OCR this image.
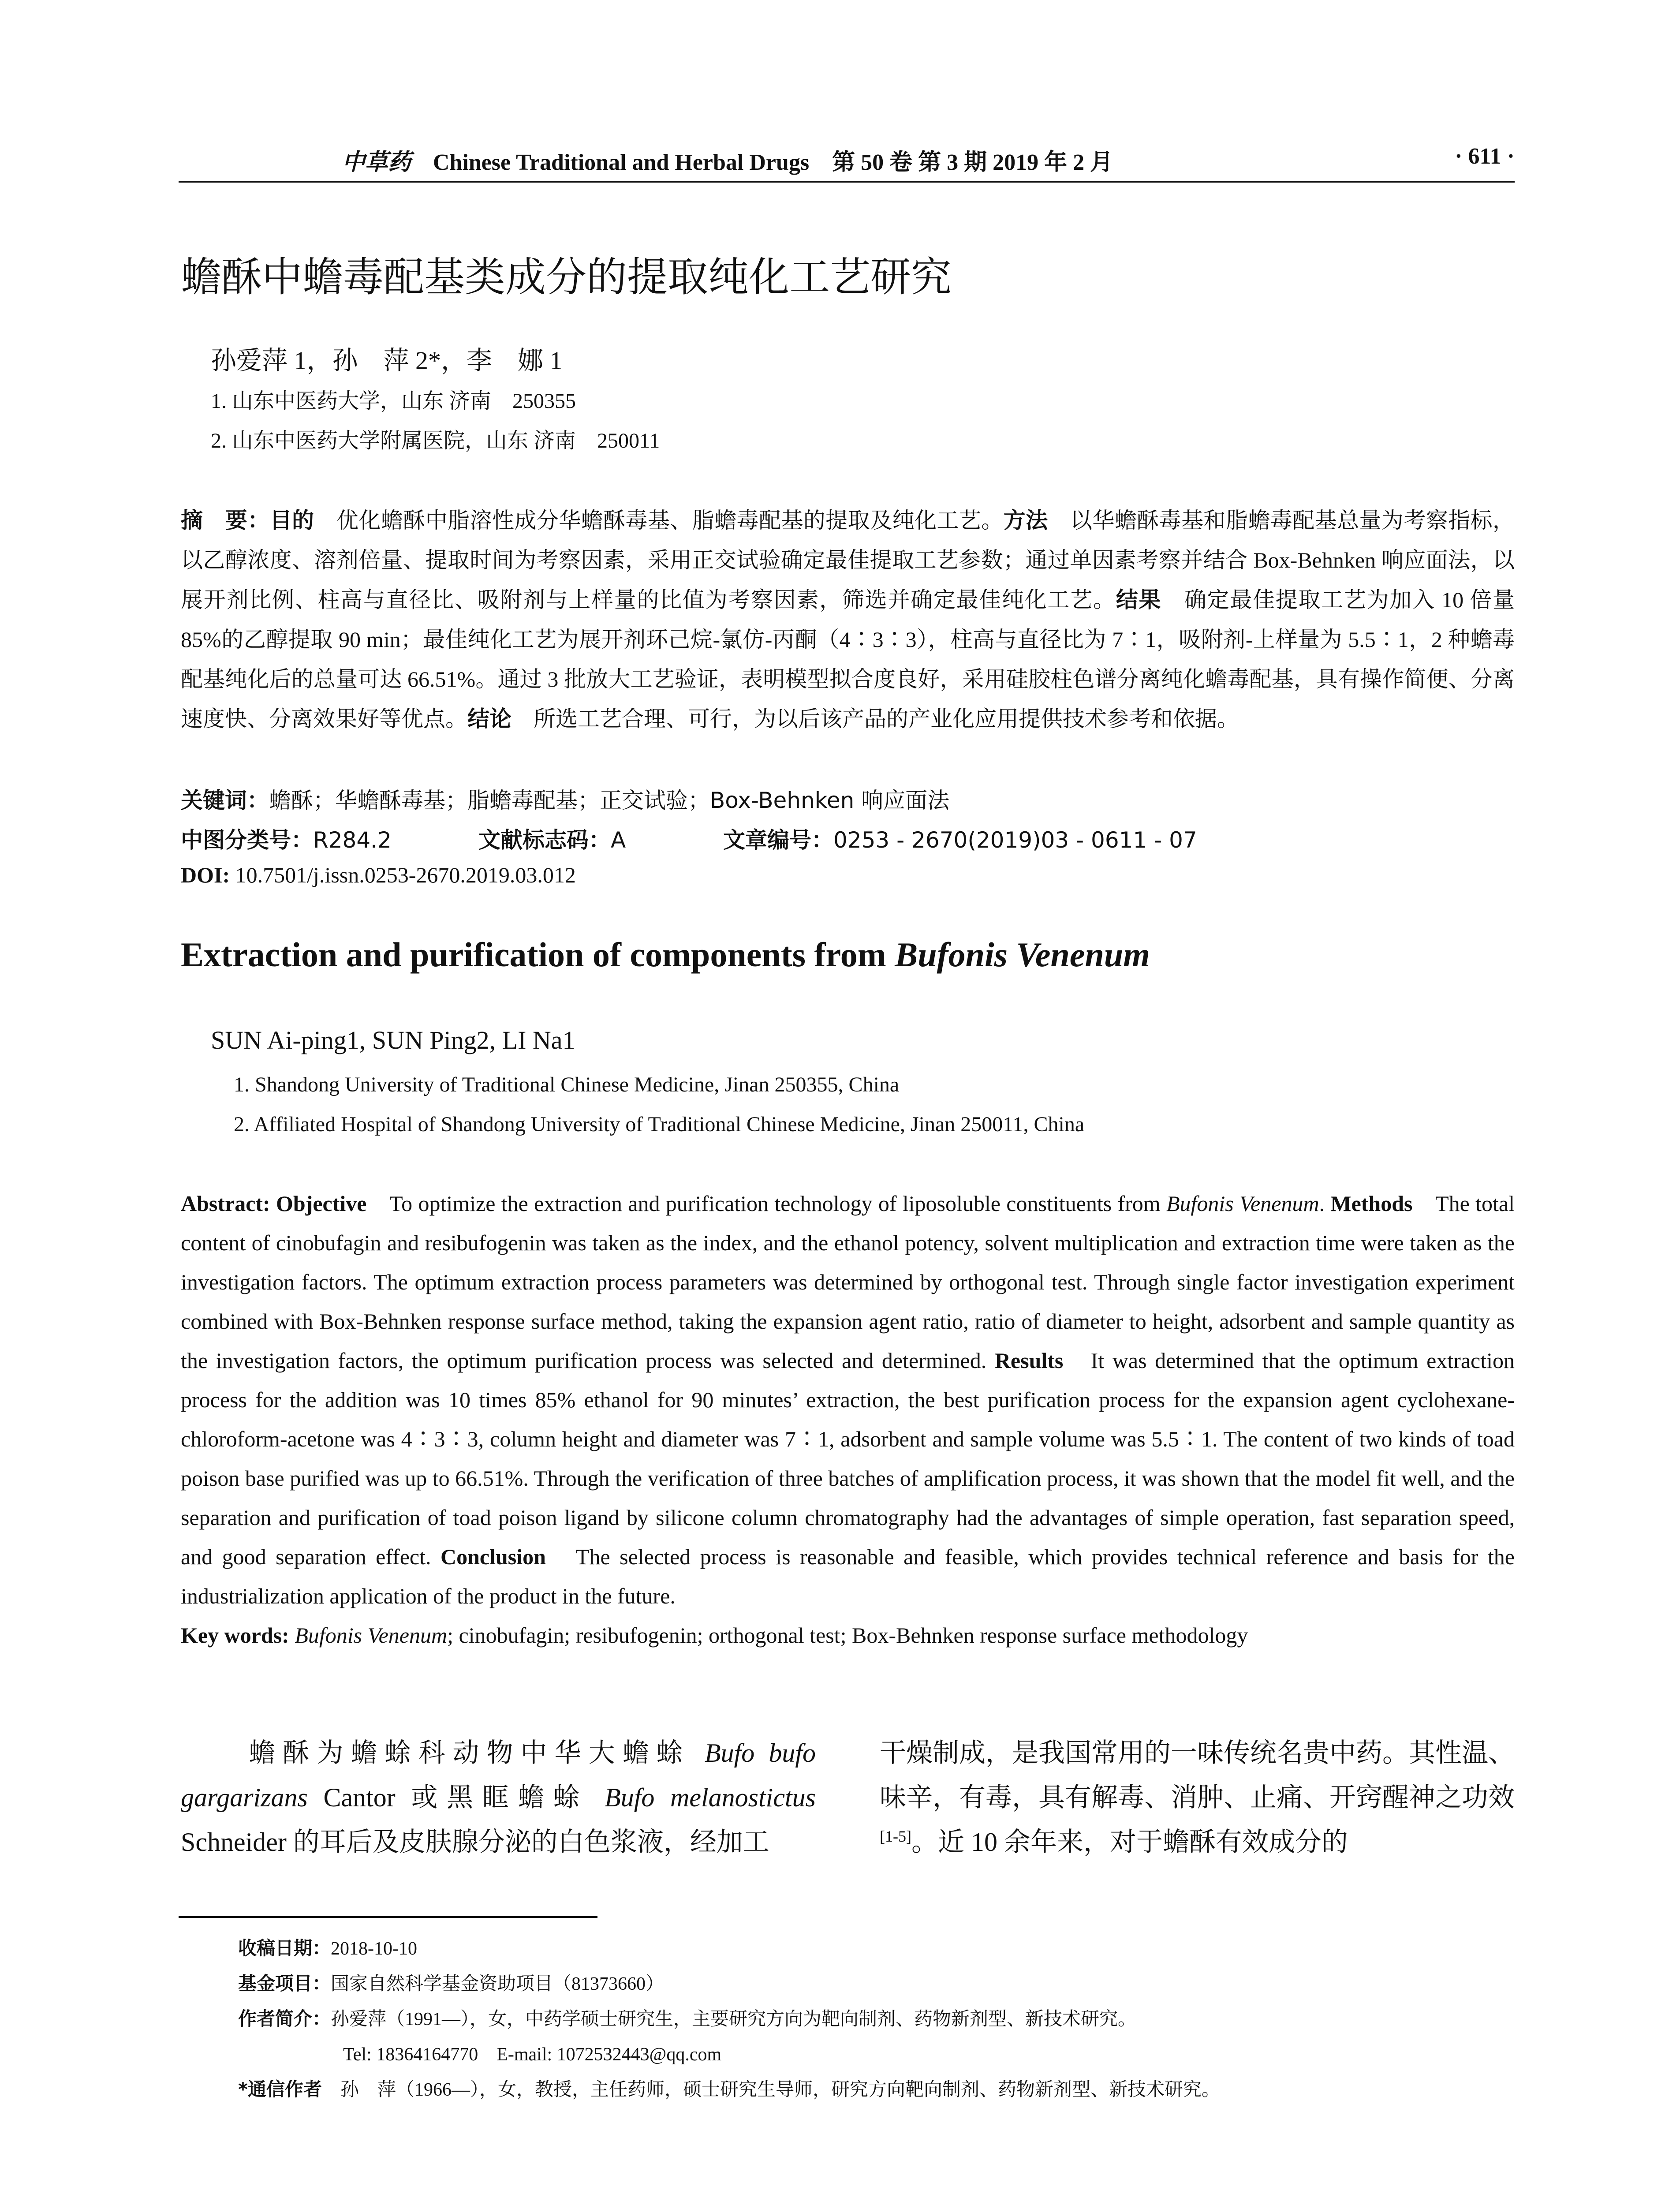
中草药 Chinese Traditional and Herbal Drugs　第 50 卷 第 3 期 2019 年 2 月	· 611 ·
蟾酥中蟾毒配基类成分的提取纯化工艺研究
孙爱萍 1，孙　萍 2*，李　娜 1
1. 山东中医药大学，山东 济南　250355
2. 山东中医药大学附属医院，山东 济南　250011
摘　要：目的　优化蟾酥中脂溶性成分华蟾酥毒基、脂蟾毒配基的提取及纯化工艺。方法　以华蟾酥毒基和脂蟾毒配基总量为考察指标，以乙醇浓度、溶剂倍量、提取时间为考察因素，采用正交试验确定最佳提取工艺参数；通过单因素考察并结合 Box-Behnken 响应面法，以展开剂比例、柱高与直径比、吸附剂与上样量的比值为考察因素，筛选并确定最佳纯化工艺。结果　确定最佳提取工艺为加入 10 倍量 85%的乙醇提取 90 min；最佳纯化工艺为展开剂环己烷-氯仿-丙酮（4∶3∶3），柱高与直径比为 7∶1，吸附剂-上样量为 5.5∶1，2 种蟾毒配基纯化后的总量可达 66.51%。通过 3 批放大工艺验证，表明模型拟合度良好，采用硅胶柱色谱分离纯化蟾毒配基，具有操作简便、分离速度快、分离效果好等优点。结论　所选工艺合理、可行，为以后该产品的产业化应用提供技术参考和依据。
关键词：蟾酥；华蟾酥毒基；脂蟾毒配基；正交试验；Box-Behnken 响应面法
中图分类号：R284.2	文献标志码：A	文章编号：0253 - 2670(2019)03 - 0611 - 07
DOI: 10.7501/j.issn.0253-2670.2019.03.012
Extraction and purification of components from Bufonis Venenum
SUN Ai-ping1, SUN Ping2, LI Na1
1. Shandong University of Traditional Chinese Medicine, Jinan 250355, China
2. Affiliated Hospital of Shandong University of Traditional Chinese Medicine, Jinan 250011, China
Abstract: Objective　To optimize the extraction and purification technology of liposoluble constituents from Bufonis Venenum. Methods　The total content of cinobufagin and resibufogenin was taken as the index, and the ethanol potency, solvent multiplication and extraction time were taken as the investigation factors. The optimum extraction process parameters was determined by orthogonal test. Through single factor investigation experiment combined with Box-Behnken response surface method, taking the expansion agent ratio, ratio of diameter to height, adsorbent and sample quantity as the investigation factors, the optimum purification process was selected and determined. Results　It was determined that the optimum extraction process for the addition was 10 times 85% ethanol for 90 minutes’ extraction, the best purification process for the expansion agent cyclohexane-chloroform-acetone was 4∶3∶3, column height and diameter was 7∶1, adsorbent and sample volume was 5.5∶1. The content of two kinds of toad poison base purified was up to 66.51%. Through the verification of three batches of amplification process, it was shown that the model fit well, and the separation and purification of toad poison ligand by silicone column chromatography had the advantages of simple operation, fast separation speed, and good separation effect. Conclusion　The selected process is reasonable and feasible, which provides technical reference and basis for the industrialization application of the product in the future.
Key words: Bufonis Venenum; cinobufagin; resibufogenin; orthogonal test; Box-Behnken response surface methodology
　　蟾酥为蟾蜍科动物中华大蟾蜍 Bufo bufo gargarizans Cantor 或黑眶蟾蜍 Bufo melanostictus Schneider 的耳后及皮肤腺分泌的白色浆液，经加工
干燥制成，是我国常用的一味传统名贵中药。其性温、味辛，有毒，具有解毒、消肿、止痛、开窍醒神之功效[1-5]。近 10 余年来，对于蟾酥有效成分的
收稿日期：2018-10-10
基金项目：国家自然科学基金资助项目（81373660）
作者简介：孙爱萍（1991—），女，中药学硕士研究生，主要研究方向为靶向制剂、药物新剂型、新技术研究。
Tel: 18364164770　E-mail: 1072532443@qq.com
*通信作者　孙　萍（1966—），女，教授，主任药师，硕士研究生导师，研究方向靶向制剂、药物新剂型、新技术研究。
